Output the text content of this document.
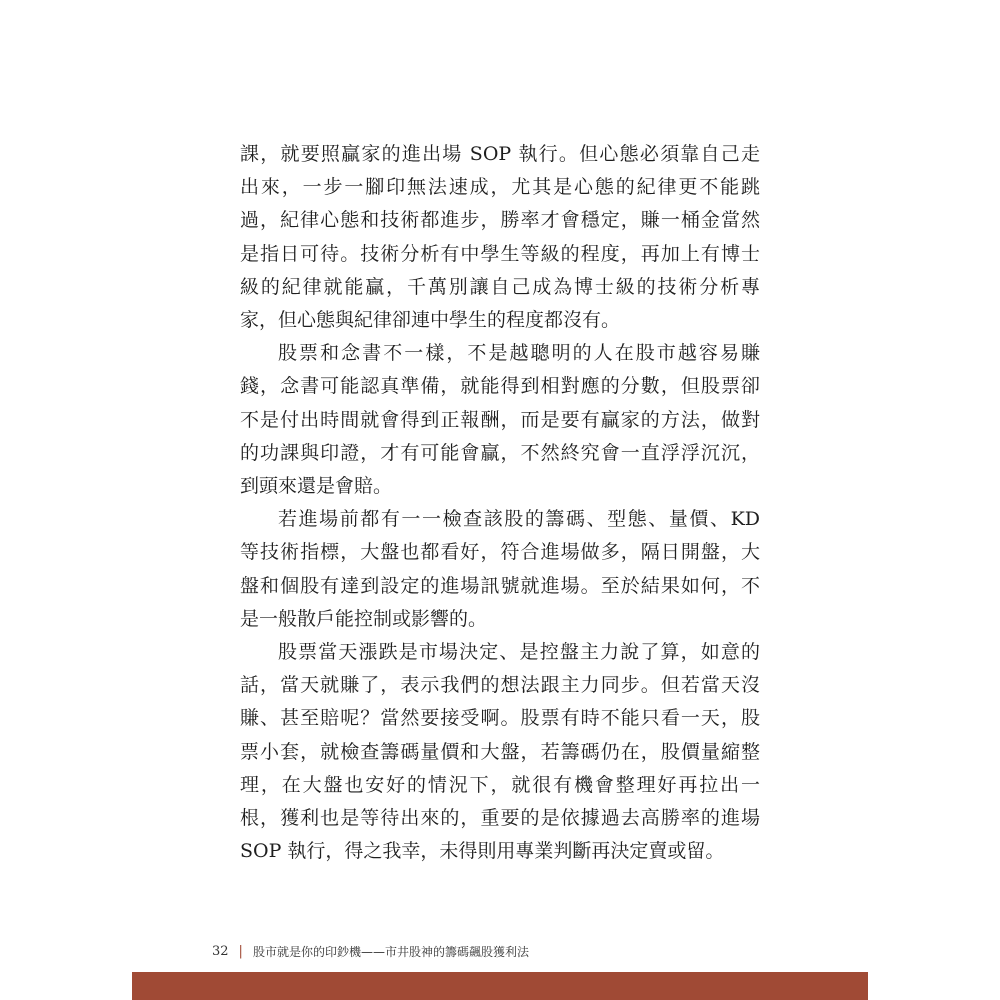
課，就要照贏家的進出場 SOP 執行。但心態必須靠自己走
出來，一步一腳印無法速成，尤其是心態的紀律更不能跳
過，紀律心態和技術都進步，勝率才會穩定，賺一桶金當然
是指日可待。技術分析有中學生等級的程度，再加上有博士
級的紀律就能贏，千萬別讓自己成為博士級的技術分析專
家，但心態與紀律卻連中學生的程度都沒有。
股票和念書不一樣，不是越聰明的人在股市越容易賺
錢，念書可能認真準備，就能得到相對應的分數，但股票卻
不是付出時間就會得到正報酬，而是要有贏家的方法，做對
的功課與印證，才有可能會贏，不然終究會一直浮浮沉沉，
到頭來還是會賠。
若進場前都有一一檢查該股的籌碼、型態、量價、KD
等技術指標，大盤也都看好，符合進場做多，隔日開盤，大
盤和個股有達到設定的進場訊號就進場。至於結果如何，不
是一般散戶能控制或影響的。
股票當天漲跌是市場決定、是控盤主力說了算，如意的
話，當天就賺了，表示我們的想法跟主力同步。但若當天沒
賺、甚至賠呢？當然要接受啊。股票有時不能只看一天，股
票小套，就檢查籌碼量價和大盤，若籌碼仍在，股價量縮整
理，在大盤也安好的情況下，就很有機會整理好再拉出一
根，獲利也是等待出來的，重要的是依據過去高勝率的進場
SOP 執行，得之我幸，未得則用專業判斷再決定賣或留。
32 | 股市就是你的印鈔機——市井股神的籌碼飆股獲利法
